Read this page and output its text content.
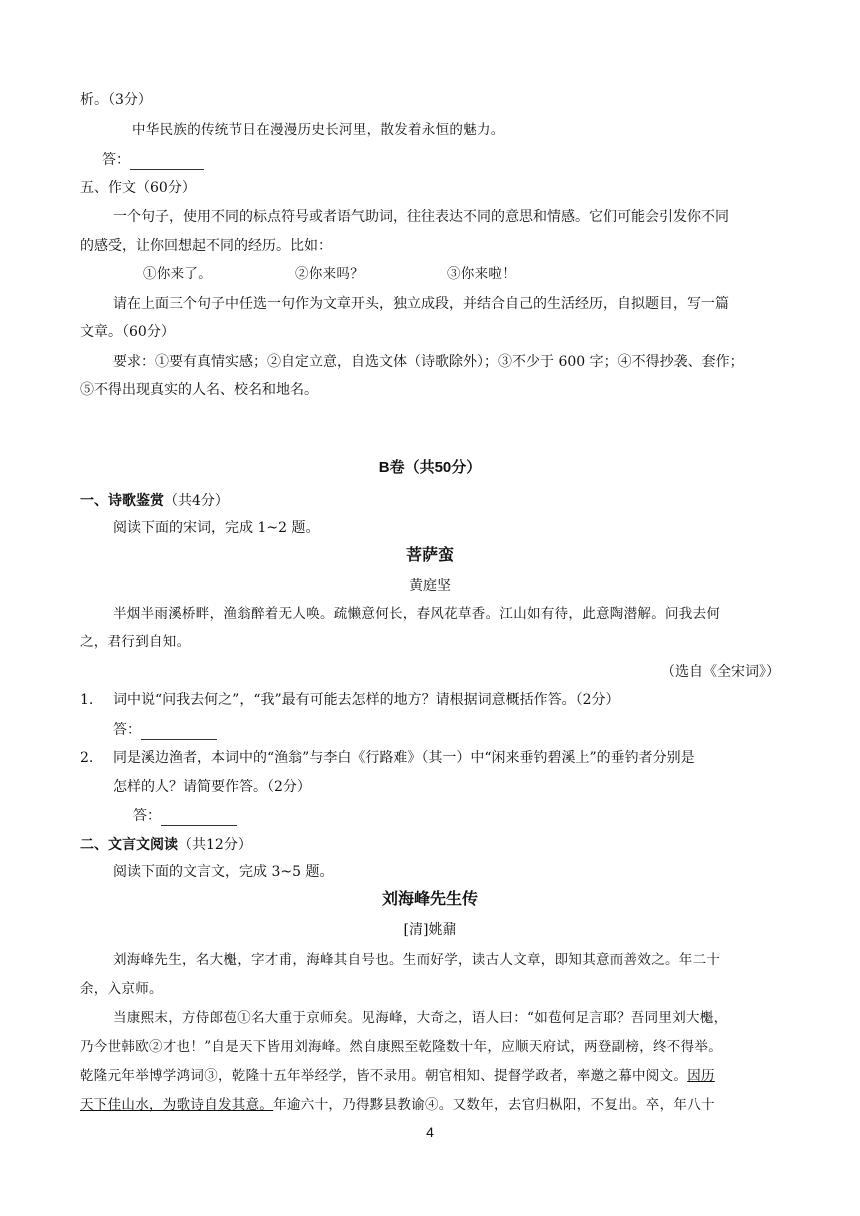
析。（3分）
中华民族的传统节日在漫漫历史长河里，散发着永恒的魅力。
答：
五、作文（60分）
一个句子，使用不同的标点符号或者语气助词，往往表达不同的意思和情感。它们可能会引发你不同
的感受，让你回想起不同的经历。比如：
①你来了。	②你来吗？	③你来啦！
请在上面三个句子中任选一句作为文章开头，独立成段，并结合自己的生活经历，自拟题目，写一篇
文章。（60分）
要求：①要有真情实感；②自定立意，自选文体（诗歌除外）；③不少于 600 字；④不得抄袭、套作；
⑤不得出现真实的人名、校名和地名。
B卷（共50分）
一、诗歌鉴赏（共4分）
阅读下面的宋词，完成 1~2 题。
菩萨蛮
黄庭坚
半烟半雨溪桥畔，渔翁醉着无人唤。疏懒意何长，春风花草香。江山如有待，此意陶潜解。问我去何
之，君行到自知。
（选自《全宋词》）
1. 词中说“问我去何之”，“我”最有可能去怎样的地方？请根据词意概括作答。（2分）
答：
2. 同是溪边渔者，本词中的“渔翁”与李白《行路难》（其一）中“闲来垂钓碧溪上”的垂钓者分别是
怎样的人？请简要作答。（2分）
答：
二、文言文阅读（共12分）
阅读下面的文言文，完成 3~5 题。
刘海峰先生传
[清]姚鼐
刘海峰先生，名大櫆，字才甫，海峰其自号也。生而好学，读古人文章，即知其意而善效之。年二十
余，入京师。
当康熙末，方侍郎苞①名大重于京师矣。见海峰，大奇之，语人曰：“如苞何足言耶？吾同里刘大櫆，
乃今世韩欧②才也！”自是天下皆用刘海峰。然自康熙至乾隆数十年，应顺天府试，两登副榜，终不得举。
乾隆元年举博学鸿词③，乾隆十五年举经学，皆不录用。朝官相知、提督学政者，率邀之幕中阅文。因历
天下佳山水，为歌诗自发其意。年逾六十，乃得黟县教谕④。又数年，去官归枞阳，不复出。卒，年八十
4
